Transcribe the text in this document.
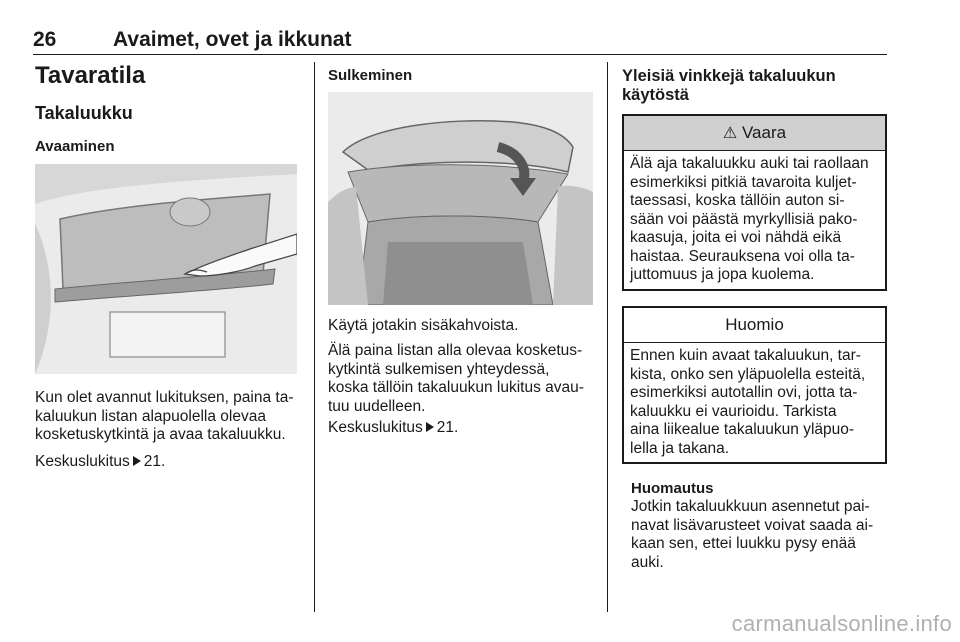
26	Avaimet, ovet ja ikkunat
Tavaratila
Takaluukku
Avaaminen
Kun olet avannut lukituksen, paina ta-
kaluukun listan alapuolella olevaa
kosketuskytkintä ja avaa takaluukku.
Keskuslukitus 21.
Sulkeminen
Käytä jotakin sisäkahvoista.
Älä paina listan alla olevaa kosketus-
kytkintä sulkemisen yhteydessä,
koska tällöin takaluukun lukitus avau-
tuu uudelleen.
Keskuslukitus 21.
Yleisiä vinkkejä takaluukun
käytöstä
⚠ Vaara
Älä aja takaluukku auki tai raollaan
esimerkiksi pitkiä tavaroita kuljet-
taessasi, koska tällöin auton si-
sään voi päästä myrkyllisiä pako-
kaasuja, joita ei voi nähdä eikä
haistaa. Seurauksena voi olla ta-
juttomuus ja jopa kuolema.
Huomio
Ennen kuin avaat takaluukun, tar-
kista, onko sen yläpuolella esteitä,
esimerkiksi autotallin ovi, jotta ta-
kaluukku ei vaurioidu. Tarkista
aina liikealue takaluukun yläpuo-
lella ja takana.
Huomautus
Jotkin takaluukkuun asennetut pai-
navat lisävarusteet voivat saada ai-
kaan sen, ettei luukku pysy enää
auki.
carmanualsonline.info
